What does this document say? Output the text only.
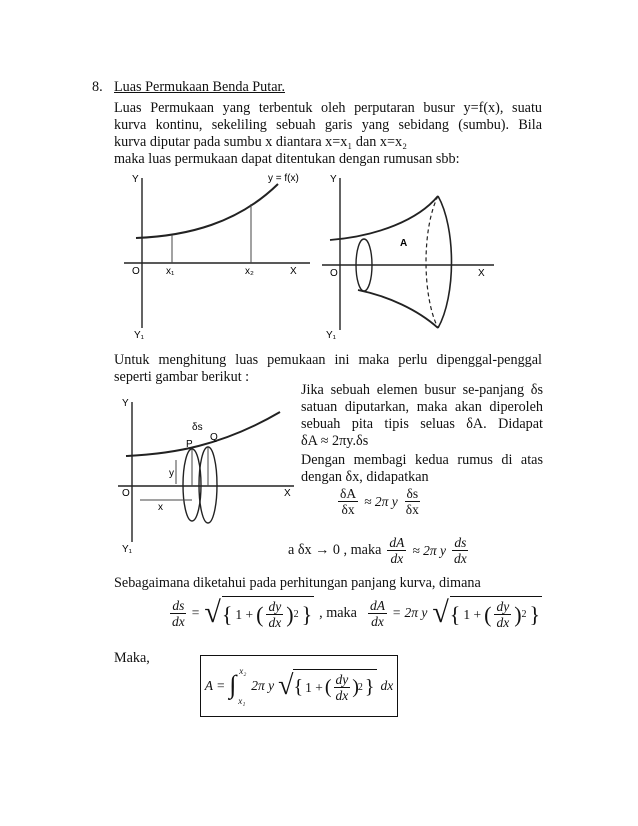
8. Luas Permukaan Benda Putar.
Luas Permukaan yang terbentuk oleh perputaran busur y=f(x), suatu
kurva kontinu, sekeliling sebuah garis yang sebidang (sumbu). Bila
kurva diputar pada sumbu x diantara x=x₁ dan x=x₂
maka luas permukaan dapat ditentukan dengan rumusan sbb:
Y	y = f(x)
O	x₁	x₂	X
Y₁
Y
A
O	X
Y₁
Untuk menghitung luas pemukaan ini maka perlu dipenggal-penggal
seperti gambar berikut :
Y
δs
P
Q
y
O
x
X
Y₁
Jika sebuah elemen busur se-panjang δs
satuan diputarkan, maka akan diperoleh
sebuah pita tipis seluas δA. Didapat
δA ≈ 2πy.δs
Dengan membagi kedua rumus di atas
dengan δx, didapatkan
$\frac{\delta A}{\delta x} \approx 2\pi$ y $\frac{\delta s}{\delta x}$
a δx → 0 , maka $\frac{dA}{dx} \approx 2\pi$ y $\frac{ds}{dx}$
Sebagaimana diketahui pada perhitungan panjang kurva, dimana
$\frac{ds}{dx}$ = √ { 1 + ( $\frac{dy}{dx}$ ) 2 } , maka $\frac{dA}{dx} = 2\pi$ y √ { 1 + ( $\frac{dy}{dx}$ ) 2 }
Maka,
A = ∫ x₂
x₁
2π y √ { 1 + ( $\frac{dy}{dx}$ ) 2 } dx
